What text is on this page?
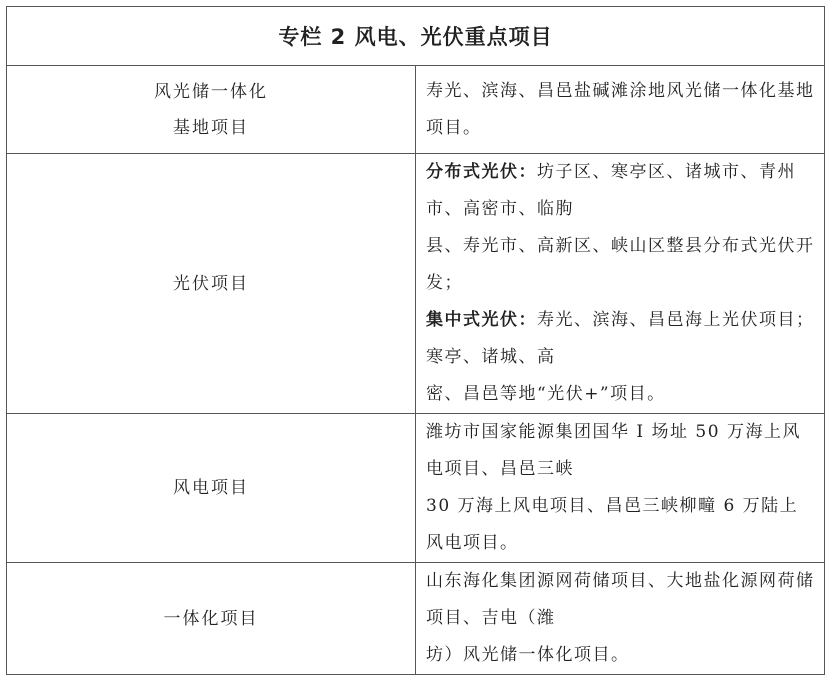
专栏 2 风电、光伏重点项目	

风光储一体化
基地项目	寿光、滨海、昌邑盐碱滩涂地风光储一体化基地项目。

光伏项目	分布式光伏：坊子区、寒亭区、诸城市、青州市、高密市、临朐
县、寿光市、高新区、峡山区整县分布式光伏开发；
集中式光伏：寿光、滨海、昌邑海上光伏项目；寒亭、诸城、高
密、昌邑等地“光伏+”项目。

风电项目	潍坊市国家能源集团国华 I 场址 50 万海上风电项目、昌邑三峡
30 万海上风电项目、昌邑三峡柳疃 6 万陆上风电项目。

一体化项目	山东海化集团源网荷储项目、大地盐化源网荷储项目、吉电（潍
坊）风光储一体化项目。
